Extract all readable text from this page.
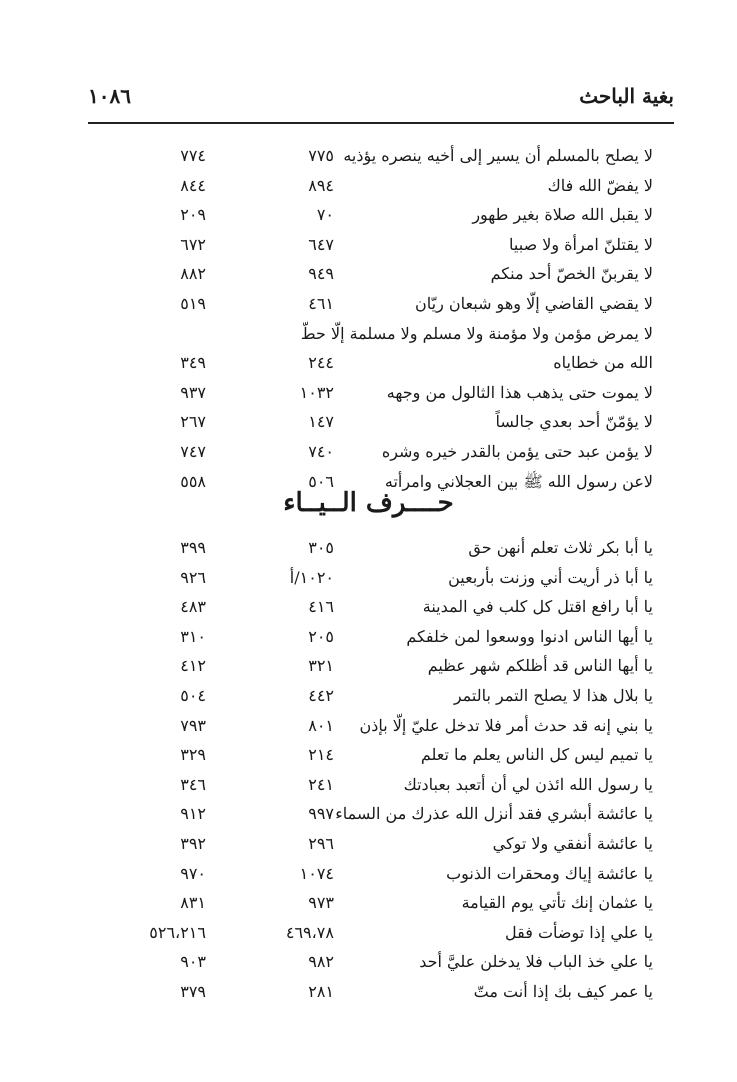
بغية الباحث
١٠٨٦
لا يصلح بالمسلم أن يسير إلى أخيه ينصره يؤذيه
٧٧٥
٧٧٤
لا يفضّ الله فاك
٨٩٤
٨٤٤
لا يقبل الله صلاة بغير طهور
٧٠
٢٠٩
لا يقتلنّ امرأة ولا صبيا
٦٤٧
٦٧٢
لا يقربنّ الخصّ أحد منكم
٩٤٩
٨٨٢
لا يقضي القاضي إلّا وهو شبعان ريّان
٤٦١
٥١٩
لا يمرض مؤمن ولا مؤمنة ولا مسلم ولا مسلمة إلّا حطّ
الله من خطاياه
٢٤٤
٣٤٩
لا يموت حتى يذهب هذا الثالول من وجهه
١٠٣٢
٩٣٧
لا يؤمّنّ أحد بعدي جالساً
١٤٧
٢٦٧
لا يؤمن عبد حتى يؤمن بالقدر خيره وشره
٧٤٠
٧٤٧
لاعن رسول الله ﷺ بين العجلاني وامرأته
٥٠٦
٥٥٨
حــــرف الــيــاء
يا أبا بكر ثلاث تعلم أنهن حق
٣٠٥
٣٩٩
يا أبا ذر أريت أني وزنت بأربعين
١٠٢٠/أ
٩٢٦
يا أبا رافع اقتل كل كلب في المدينة
٤١٦
٤٨٣
يا أيها الناس ادنوا ووسعوا لمن خلفكم
٢٠٥
٣١٠
يا أيها الناس قد أظلكم شهر عظيم
٣٢١
٤١٢
يا بلال هذا لا يصلح التمر بالتمر
٤٤٢
٥٠٤
يا بني إنه قد حدث أمر فلا تدخل عليّ إلّا بإذن
٨٠١
٧٩٣
يا تميم ليس كل الناس يعلم ما تعلم
٢١٤
٣٢٩
يا رسول الله ائذن لي أن أتعبد بعبادتك
٢٤١
٣٤٦
يا عائشة أبشري فقد أنزل الله عذرك من السماء
٩٩٧
٩١٢
يا عائشة أنفقي ولا توكي
٢٩٦
٣٩٢
يا عائشة إياك ومحقرات الذنوب
١٠٧٤
٩٧٠
يا عثمان إنك تأتي يوم القيامة
٩٧٣
٨٣١
يا علي إذا توضأت فقل
٤٦٩،٧٨
٥٢٦،٢١٦
يا علي خذ الباب فلا يدخلن عليَّ أحد
٩٨٢
٩٠٣
يا عمر كيف بك إذا أنت متّ
٢٨١
٣٧٩
